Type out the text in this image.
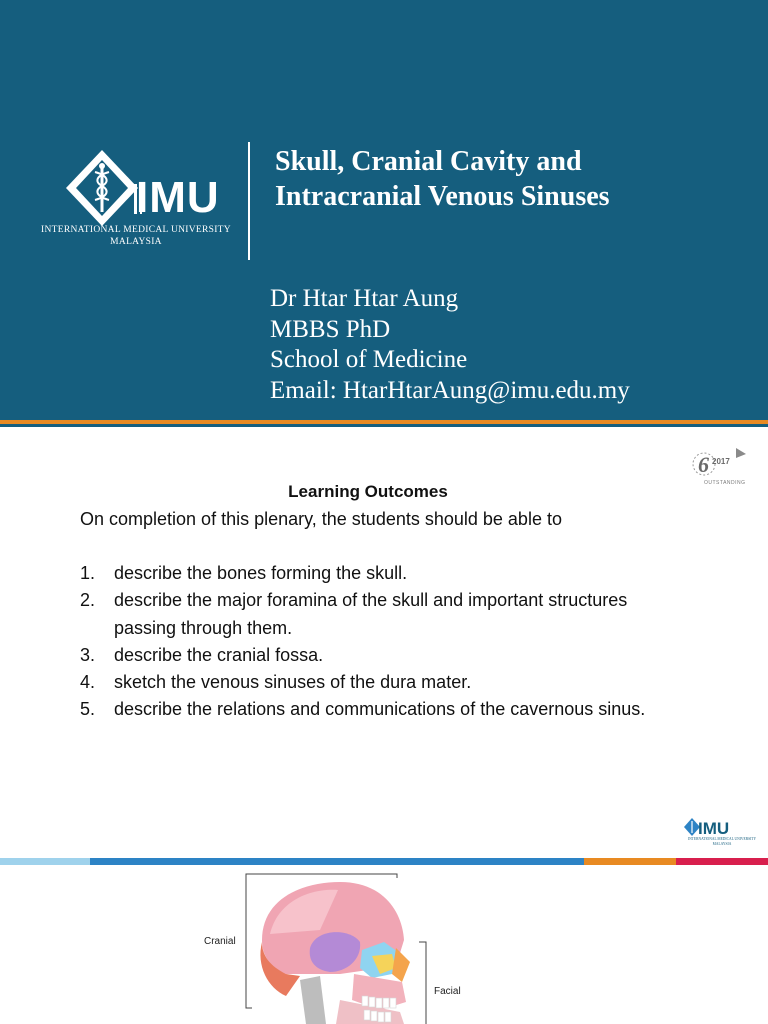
IMU
INTERNATIONAL MEDICAL UNIVERSITY
MALAYSIA
Skull, Cranial Cavity and
Intracranial Venous Sinuses
Dr Htar Htar Aung
MBBS PhD
School of Medicine
Email: HtarHtarAung@imu.edu.my
6 2017
OUTSTANDING
Learning Outcomes
On completion of this plenary, the students should be able to
1. describe the bones forming the skull.
2. describe the major foramina of the skull and important structures   passing through them.
3. describe the cranial fossa.
4. sketch the venous sinuses of the dura mater.
5. describe the relations and communications of the cavernous sinus.
IMU
INTERNATIONAL MEDICAL UNIVERSITY
MALAYSIA
Cranial
Facial
